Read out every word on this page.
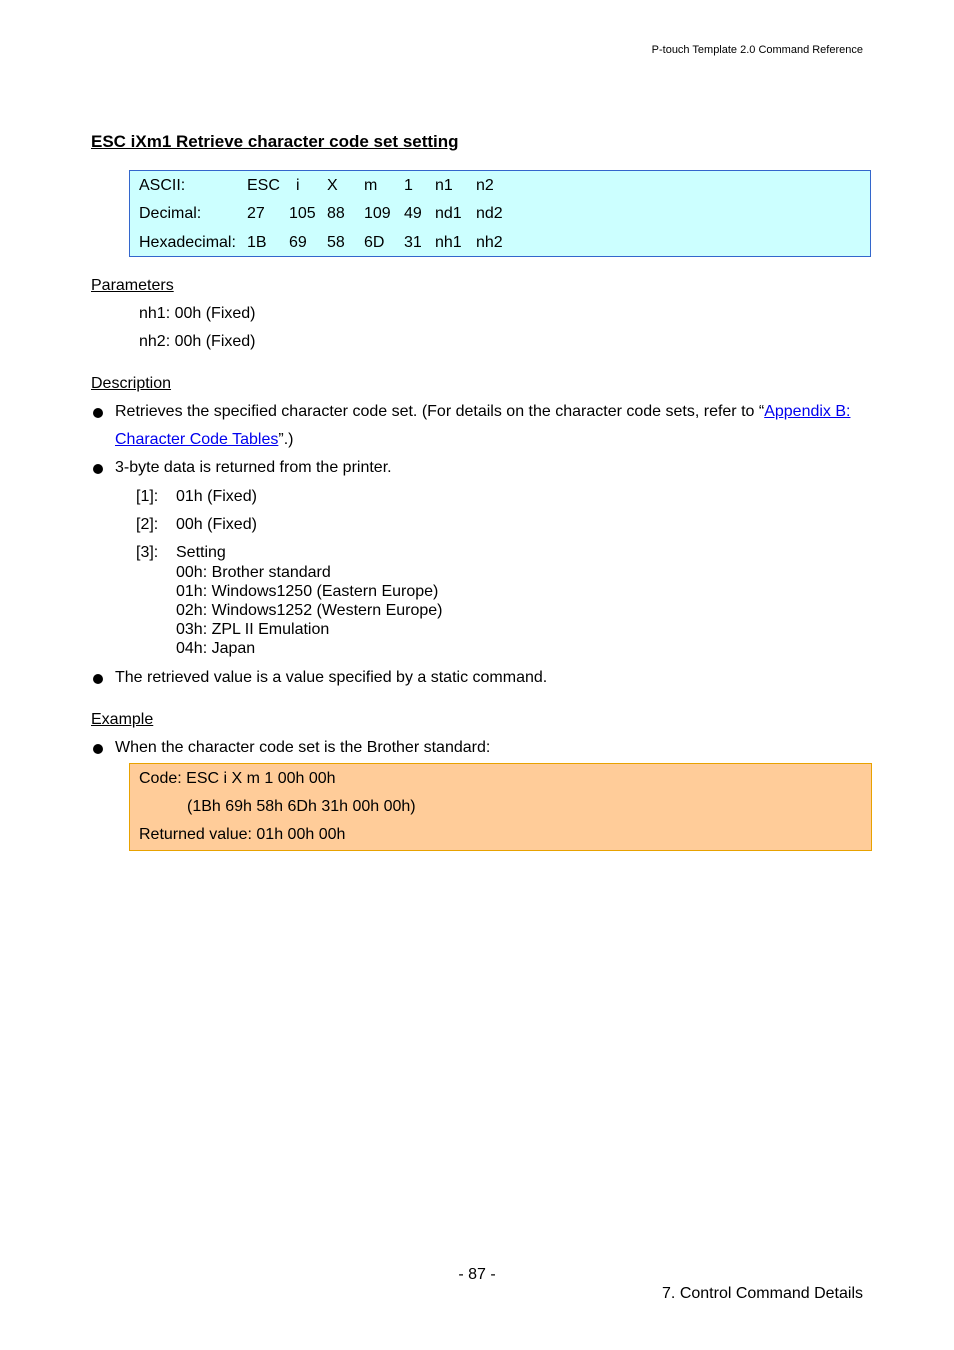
P-touch Template 2.0 Command Reference
ESC iXm1 Retrieve character code set setting
ASCII:	ESC i X m 1 n1 n2
Decimal:	27 105 88 109 49 nd1 nd2
Hexadecimal: 1B 69 58 6D 31 nh1 nh2
Parameters
nh1: 00h (Fixed)
nh2: 00h (Fixed)
Description
Retrieves the specified character code set. (For details on the character code sets, refer to “Appendix B:
Character Code Tables”.)
3-byte data is returned from the printer.
[1]: 01h (Fixed)
[2]: 00h (Fixed)
[3]: Setting
00h: Brother standard
01h: Windows1250 (Eastern Europe)
02h: Windows1252 (Western Europe)
03h: ZPL II Emulation
04h: Japan
The retrieved value is a value specified by a static command.
Example
When the character code set is the Brother standard:
Code: ESC i X m 1 00h 00h
(1Bh 69h 58h 6Dh 31h 00h 00h)
Returned value: 01h 00h 00h
- 87 -
7. Control Command Details
